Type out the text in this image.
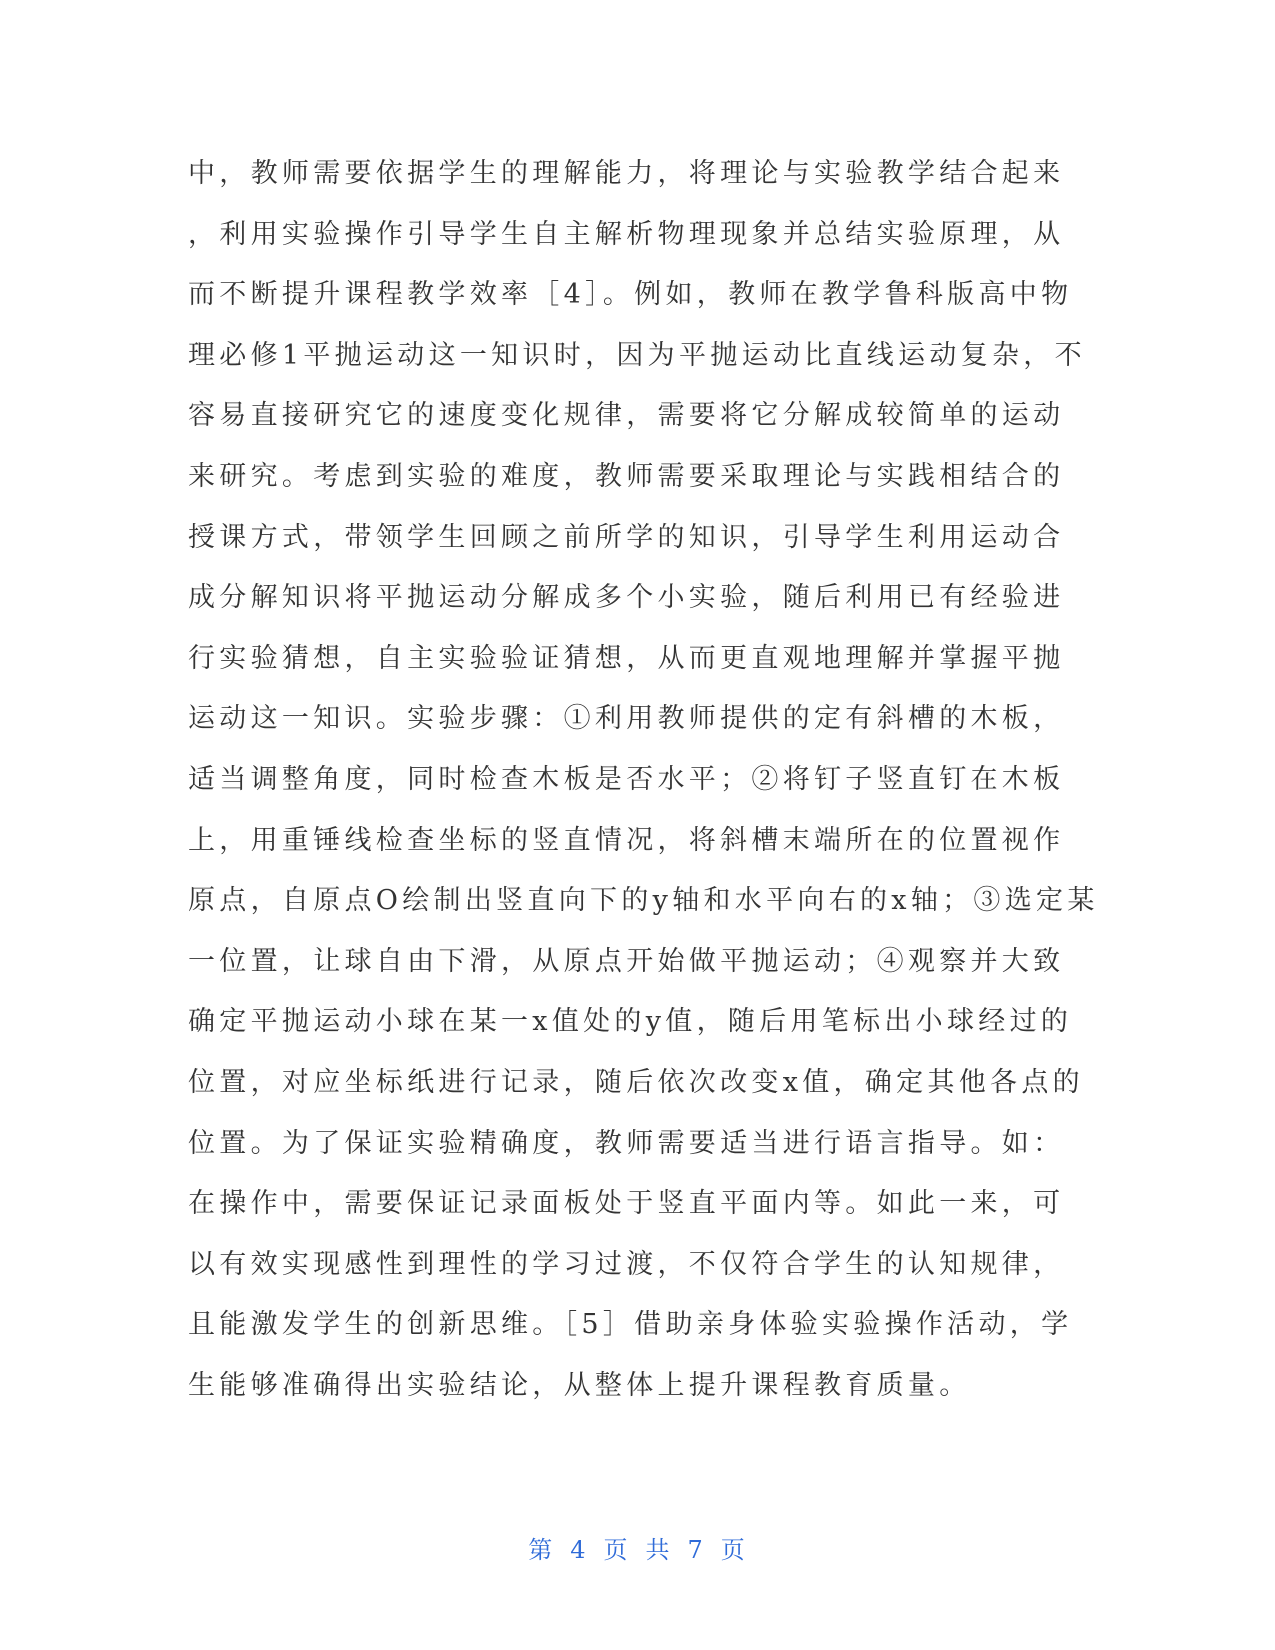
中，教师需要依据学生的理解能力，将理论与实验教学结合起来
，利用实验操作引导学生自主解析物理现象并总结实验原理，从
而不断提升课程教学效率［4］。例如，教师在教学鲁科版高中物
理必修1平抛运动这一知识时，因为平抛运动比直线运动复杂，不
容易直接研究它的速度变化规律，需要将它分解成较简单的运动
来研究。考虑到实验的难度，教师需要采取理论与实践相结合的
授课方式，带领学生回顾之前所学的知识，引导学生利用运动合
成分解知识将平抛运动分解成多个小实验，随后利用已有经验进
行实验猜想，自主实验验证猜想，从而更直观地理解并掌握平抛
运动这一知识。实验步骤：①利用教师提供的定有斜槽的木板，
适当调整角度，同时检查木板是否水平；②将钉子竖直钉在木板
上，用重锤线检查坐标的竖直情况，将斜槽末端所在的位置视作
原点，自原点O绘制出竖直向下的y轴和水平向右的x轴；③选定某
一位置，让球自由下滑，从原点开始做平抛运动；④观察并大致
确定平抛运动小球在某一x值处的y值，随后用笔标出小球经过的
位置，对应坐标纸进行记录，随后依次改变x值，确定其他各点的
位置。为了保证实验精确度，教师需要适当进行语言指导。如：
在操作中，需要保证记录面板处于竖直平面内等。如此一来，可
以有效实现感性到理性的学习过渡，不仅符合学生的认知规律，
且能激发学生的创新思维。［5］借助亲身体验实验操作活动，学
生能够准确得出实验结论，从整体上提升课程教育质量。
第 4 页 共 7 页
